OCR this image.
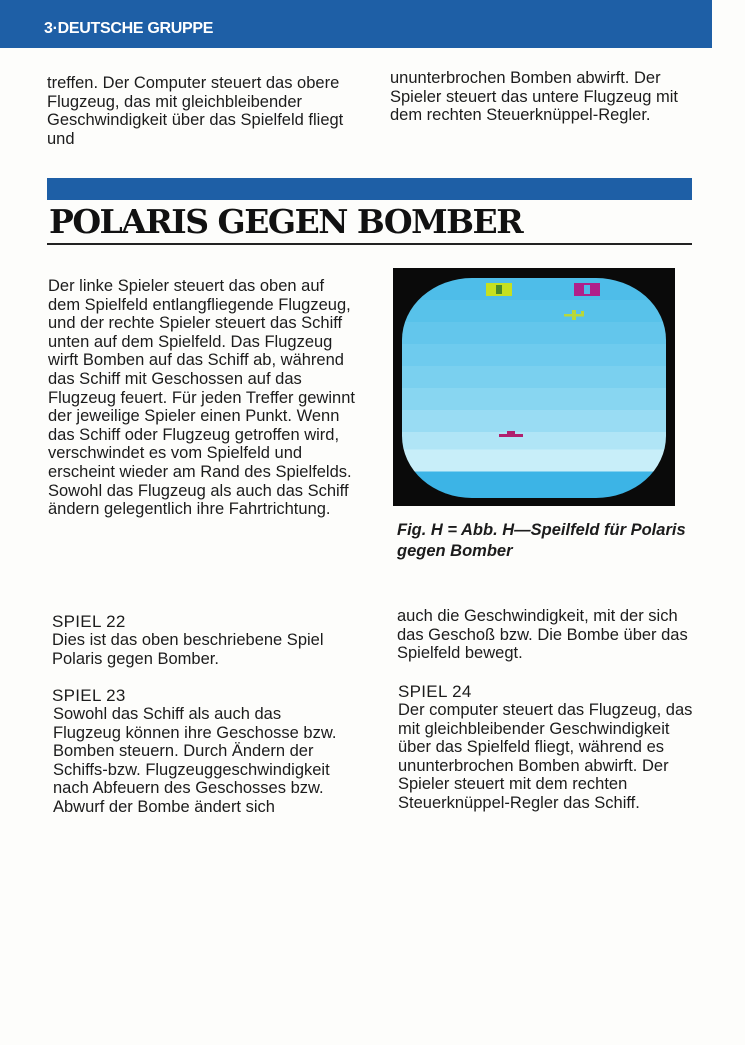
3·DEUTSCHE GRUPPE

treffen. Der Computer steuert das obere Flugzeug, das mit gleichbleibender Geschwindigkeit über das Spielfeld fliegt und

ununterbrochen Bomben abwirft. Der Spieler steuert das untere Flugzeug mit dem rechten Steuerknüppel-Regler.

POLARIS GEGEN BOMBER

Der linke Spieler steuert das oben auf dem Spielfeld entlangfliegende Flugzeug, und der rechte Spieler steuert das Schiff unten auf dem Spielfeld. Das Flugzeug wirft Bomben auf das Schiff ab, während das Schiff mit Geschossen auf das Flugzeug feuert. Für jeden Treffer gewinnt der jeweilige Spieler einen Punkt. Wenn das Schiff oder Flugzeug getroffen wird, verschwindet es vom Spielfeld und erscheint wieder am Rand des Spielfelds. Sowohl das Flugzeug als auch das Schiff ändern gelegentlich ihre Fahrtrichtung.

Fig. H = Abb. H—Speilfeld für Polaris gegen Bomber

SPIEL 22

Dies ist das oben beschriebene Spiel Polaris gegen Bomber.

SPIEL 23

Sowohl das Schiff als auch das Flugzeug können ihre Geschosse bzw. Bomben steuern. Durch Ändern der Schiffs-bzw. Flugzeuggeschwindigkeit nach Abfeuern des Geschosses bzw. Abwurf der Bombe ändert sich

auch die Geschwindigkeit, mit der sich das Geschoß bzw. Die Bombe über das Spielfeld bewegt.

SPIEL 24

Der computer steuert das Flugzeug, das mit gleichbleibender Geschwindigkeit über das Spielfeld fliegt, während es ununterbrochen Bomben abwirft. Der Spieler steuert mit dem rechten Steuerknüppel-Regler das Schiff.
